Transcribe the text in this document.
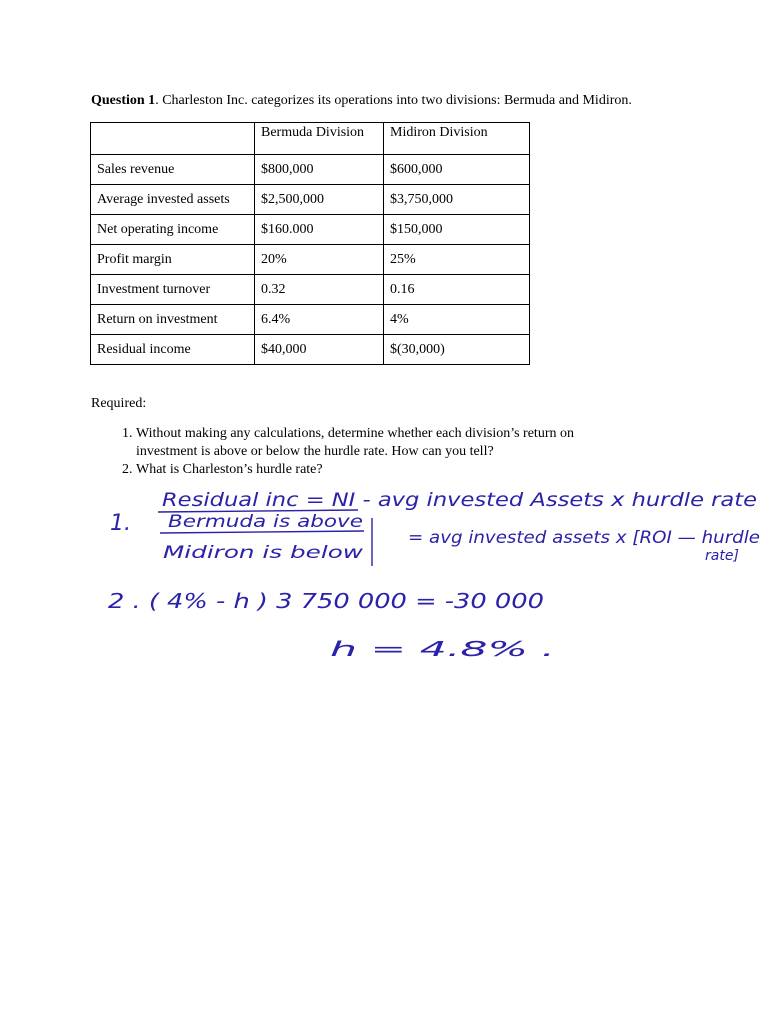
Question 1. Charleston Inc. categorizes its operations into two divisions: Bermuda and Midiron.
	Bermuda Division	Midiron Division
Sales revenue	$800,000	$600,000
Average invested assets	$2,500,000	$3,750,000
Net operating income	$160.000	$150,000
Profit margin	20%	25%
Investment turnover	0.32	0.16
Return on investment	6.4%	4%
Residual income	$40,000	$(30,000)
Required:
1. Without making any calculations, determine whether each division’s return on investment is above or below the hurdle rate. How can you tell?
2. What is Charleston’s hurdle rate?
Residual inc = NI - avg invested Assets x hurdle rate
1. Bermuda is above
Midiron is below
= avg invested assets x [ROI — hurdle
rate]
2 . ( 4% - h ) 3 750 000 = -30 000
h = 4.8% .
